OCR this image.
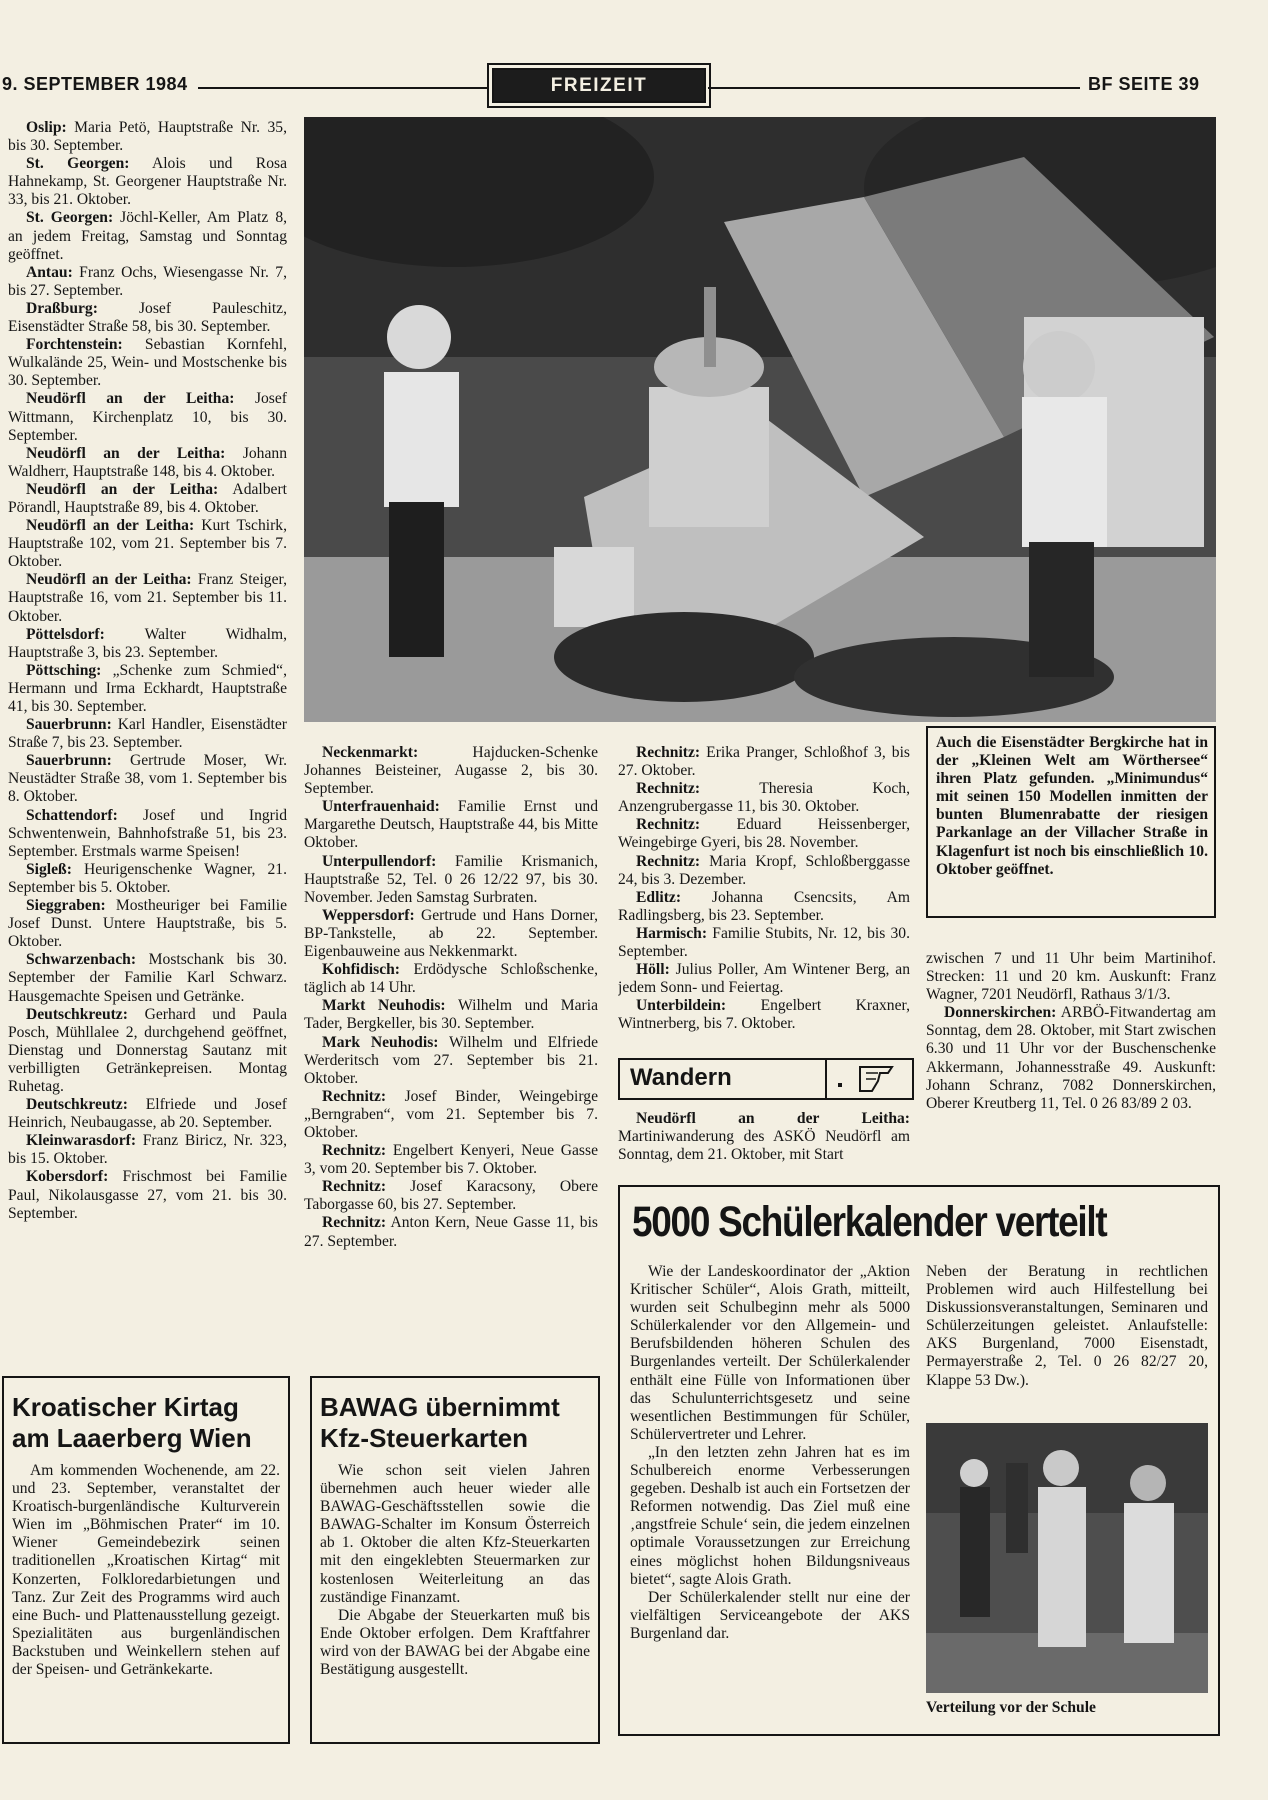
9. SEPTEMBER 1984	FREIZEIT	BF SEITE 39

Oslip: Maria Petö, Hauptstraße Nr. 35, bis 30. September.

St. Georgen: Alois und Rosa Hahnekamp, St. Georgener Hauptstraße Nr. 33, bis 21. Oktober.

St. Georgen: Jöchl-Keller, Am Platz 8, an jedem Freitag, Samstag und Sonntag geöffnet.

Antau: Franz Ochs, Wiesengasse Nr. 7, bis 27. September.

Draßburg: Josef Pauleschitz, Eisenstädter Straße 58, bis 30. September.

Forchtenstein: Sebastian Kornfehl, Wulkalände 25, Wein- und Mostschenke bis 30. September.

Neudörfl an der Leitha: Josef Wittmann, Kirchenplatz 10, bis 30. September.

Neudörfl an der Leitha: Johann Waldherr, Hauptstraße 148, bis 4. Oktober.

Neudörfl an der Leitha: Adalbert Pörandl, Hauptstraße 89, bis 4. Oktober.

Neudörfl an der Leitha: Kurt Tschirk, Hauptstraße 102, vom 21. September bis 7. Oktober.

Neudörfl an der Leitha: Franz Steiger, Hauptstraße 16, vom 21. September bis 11. Oktober.

Pöttelsdorf: Walter Widhalm, Hauptstraße 3, bis 23. September.

Pöttsching: „Schenke zum Schmied“, Hermann und Irma Eckhardt, Hauptstraße 41, bis 30. September.

Sauerbrunn: Karl Handler, Eisenstädter Straße 7, bis 23. September.

Sauerbrunn: Gertrude Moser, Wr. Neustädter Straße 38, vom 1. September bis 8. Oktober.

Schattendorf: Josef und Ingrid Schwentenwein, Bahnhofstraße 51, bis 23. September. Erstmals warme Speisen!

Sigleß: Heurigenschenke Wagner, 21. September bis 5. Oktober.

Sieggraben: Mostheuriger bei Familie Josef Dunst. Untere Hauptstraße, bis 5. Oktober.

Schwarzenbach: Mostschank bis 30. September der Familie Karl Schwarz. Hausgemachte Speisen und Getränke.

Deutschkreutz: Gerhard und Paula Posch, Mühllalee 2, durchgehend geöffnet, Dienstag und Donnerstag Sautanz mit verbilligten Getränkepreisen. Montag Ruhetag.

Deutschkreutz: Elfriede und Josef Heinrich, Neubaugasse, ab 20. September.

Kleinwarasdorf: Franz Biricz, Nr. 323, bis 15. Oktober.

Kobersdorf: Frischmost bei Familie Paul, Nikolausgasse 27, vom 21. bis 30. September.

Neckenmarkt: Hajducken-Schenke Johannes Beisteiner, Augasse 2, bis 30. September.

Unterfrauenhaid: Familie Ernst und Margarethe Deutsch, Hauptstraße 44, bis Mitte Oktober.

Unterpullendorf: Familie Krismanich, Hauptstraße 52, Tel. 0 26 12/22 97, bis 30. November. Jeden Samstag Surbraten.

Weppersdorf: Gertrude und Hans Dorner, BP-Tankstelle, ab 22. September. Eigenbauweine aus Nekkenmarkt.

Kohfidisch: Erdödysche Schloßschenke, täglich ab 14 Uhr.

Markt Neuhodis: Wilhelm und Maria Tader, Bergkeller, bis 30. September.

Mark Neuhodis: Wilhelm und Elfriede Werderitsch vom 27. September bis 21. Oktober.

Rechnitz: Josef Binder, Weingebirge „Berngraben“, vom 21. September bis 7. Oktober.

Rechnitz: Engelbert Kenyeri, Neue Gasse 3, vom 20. September bis 7. Oktober.

Rechnitz: Josef Karacsony, Obere Taborgasse 60, bis 27. September.

Rechnitz: Anton Kern, Neue Gasse 11, bis 27. September.

Rechnitz: Erika Pranger, Schloßhof 3, bis 27. Oktober.

Rechnitz: Theresia Koch, Anzengrubergasse 11, bis 30. Oktober.

Rechnitz: Eduard Heissenberger, Weingebirge Gyeri, bis 28. November.

Rechnitz: Maria Kropf, Schloßberggasse 24, bis 3. Dezember.

Edlitz: Johanna Csencsits, Am Radlingsberg, bis 23. September.

Harmisch: Familie Stubits, Nr. 12, bis 30. September.

Höll: Julius Poller, Am Wintener Berg, an jedem Sonn- und Feiertag.

Unterbildein: Engelbert Kraxner, Wintnerberg, bis 7. Oktober.

Auch die Eisenstädter Bergkirche hat in der „Kleinen Welt am Wörthersee“ ihren Platz gefunden. „Minimundus“ mit seinen 150 Modellen inmitten der bunten Blumenrabatte der riesigen Parkanlage an der Villacher Straße in Klagenfurt ist noch bis einschließlich 10. Oktober geöffnet.
Wandern

Neudörfl an der Leitha: Martiniwanderung des ASKÖ Neudörfl am Sonntag, dem 21. Oktober, mit Start

zwischen 7 und 11 Uhr beim Martinihof. Strecken: 11 und 20 km. Auskunft: Franz Wagner, 7201 Neudörfl, Rathaus 3/1/3.

Donnerskirchen: ARBÖ-Fitwandertag am Sonntag, dem 28. Oktober, mit Start zwischen 6.30 und 11 Uhr vor der Buschenschenke Akkermann, Johannesstraße 49. Auskunft: Johann Schranz, 7082 Donnerskirchen, Oberer Kreutberg 11, Tel. 0 26 83/89 2 03.

Kroatischer Kirtag am Laaerberg Wien
Am kommenden Wochenende, am 22. und 23. September, veranstaltet der Kroatisch-burgenländische Kulturverein Wien im „Böhmischen Prater“ im 10. Wiener Gemeindebezirk seinen traditionellen „Kroatischen Kirtag“ mit Konzerten, Folkloredarbietungen und Tanz. Zur Zeit des Programms wird auch eine Buch- und Plattenausstellung gezeigt. Spezialitäten aus burgenländischen Backstuben und Weinkellern stehen auf der Speisen- und Getränkekarte.
BAWAG übernimmt Kfz-Steuerkarten
Wie schon seit vielen Jahren übernehmen auch heuer wieder alle BAWAG-Geschäftsstellen sowie die BAWAG-Schalter im Konsum Österreich ab 1. Oktober die alten Kfz-Steuerkarten mit den eingeklebten Steuermarken zur kostenlosen Weiterleitung an das zuständige Finanzamt.
Die Abgabe der Steuerkarten muß bis Ende Oktober erfolgen. Dem Kraftfahrer wird von der BAWAG bei der Abgabe eine Bestätigung ausgestellt.
5000 Schülerkalender verteilt

Wie der Landeskoordinator der „Aktion Kritischer Schüler“, Alois Grath, mitteilt, wurden seit Schulbeginn mehr als 5000 Schülerkalender vor den Allgemein- und Berufsbildenden höheren Schulen des Burgenlandes verteilt. Der Schülerkalender enthält eine Fülle von Informationen über das Schulunterrichtsgesetz und seine wesentlichen Bestimmungen für Schüler, Schülervertreter und Lehrer.

„In den letzten zehn Jahren hat es im Schulbereich enorme Verbesserungen gegeben. Deshalb ist auch ein Fortsetzen der Reformen notwendig. Das Ziel muß eine ‚angstfreie Schule‘ sein, die jedem einzelnen optimale Voraussetzungen zur Erreichung eines möglichst hohen Bildungsniveaus bietet“, sagte Alois Grath.

Der Schülerkalender stellt nur eine der vielfältigen Serviceangebote der AKS Burgenland dar.

Neben der Beratung in rechtlichen Problemen wird auch Hilfestellung bei Diskussionsveranstaltungen, Seminaren und Schülerzeitungen geleistet. Anlaufstelle: AKS Burgenland, 7000 Eisenstadt, Permayerstraße 2, Tel. 0 26 82/27 20, Klappe 53 Dw.).

Verteilung vor der Schule
